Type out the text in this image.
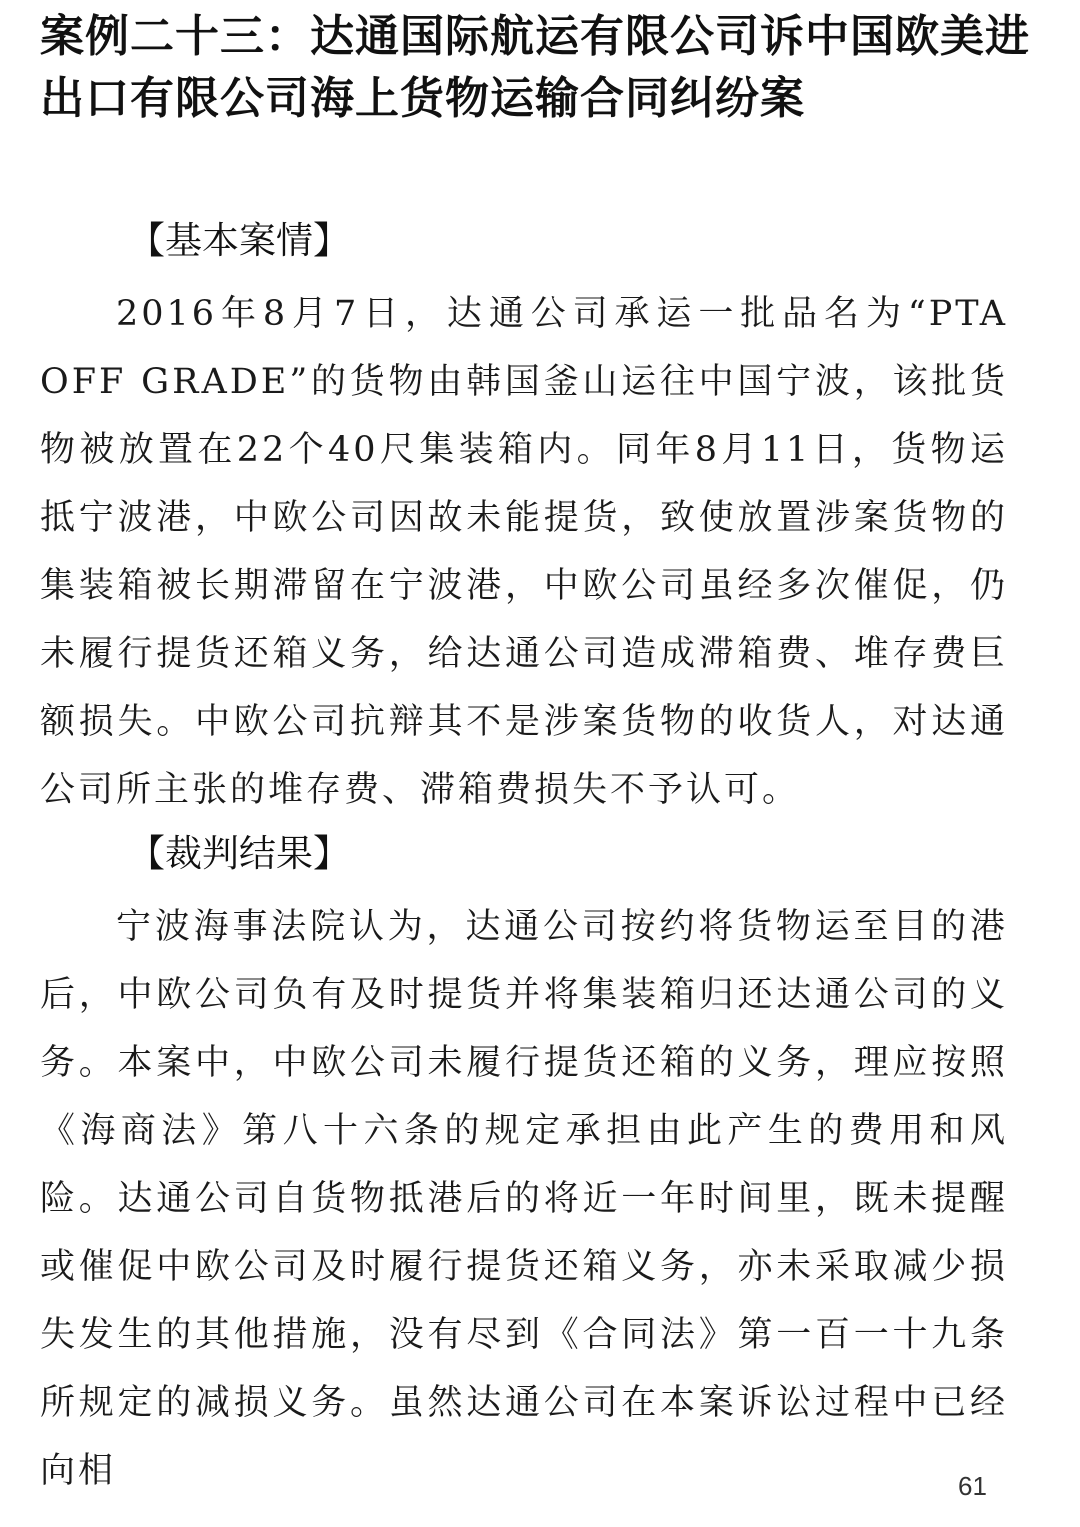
案例二十三：达通国际航运有限公司诉中国欧美进出口有限公司海上货物运输合同纠纷案
【基本案情】

2016年8月7日，达通公司承运一批品名为“PTA OFF GRADE”的货物由韩国釜山运往中国宁波，该批货物被放置在22个40尺集装箱内。同年8月11日，货物运抵宁波港，中欧公司因故未能提货，致使放置涉案货物的集装箱被长期滞留在宁波港，中欧公司虽经多次催促，仍未履行提货还箱义务，给达通公司造成滞箱费、堆存费巨额损失。中欧公司抗辩其不是涉案货物的收货人，对达通公司所主张的堆存费、滞箱费损失不予认可。

【裁判结果】

宁波海事法院认为，达通公司按约将货物运至目的港后，中欧公司负有及时提货并将集装箱归还达通公司的义务。本案中，中欧公司未履行提货还箱的义务，理应按照《海商法》第八十六条的规定承担由此产生的费用和风险。达通公司自货物抵港后的将近一年时间里，既未提醒或催促中欧公司及时履行提货还箱义务，亦未采取减少损失发生的其他措施，没有尽到《合同法》第一百一十九条所规定的减损义务。虽然达通公司在本案诉讼过程中已经向相	61
